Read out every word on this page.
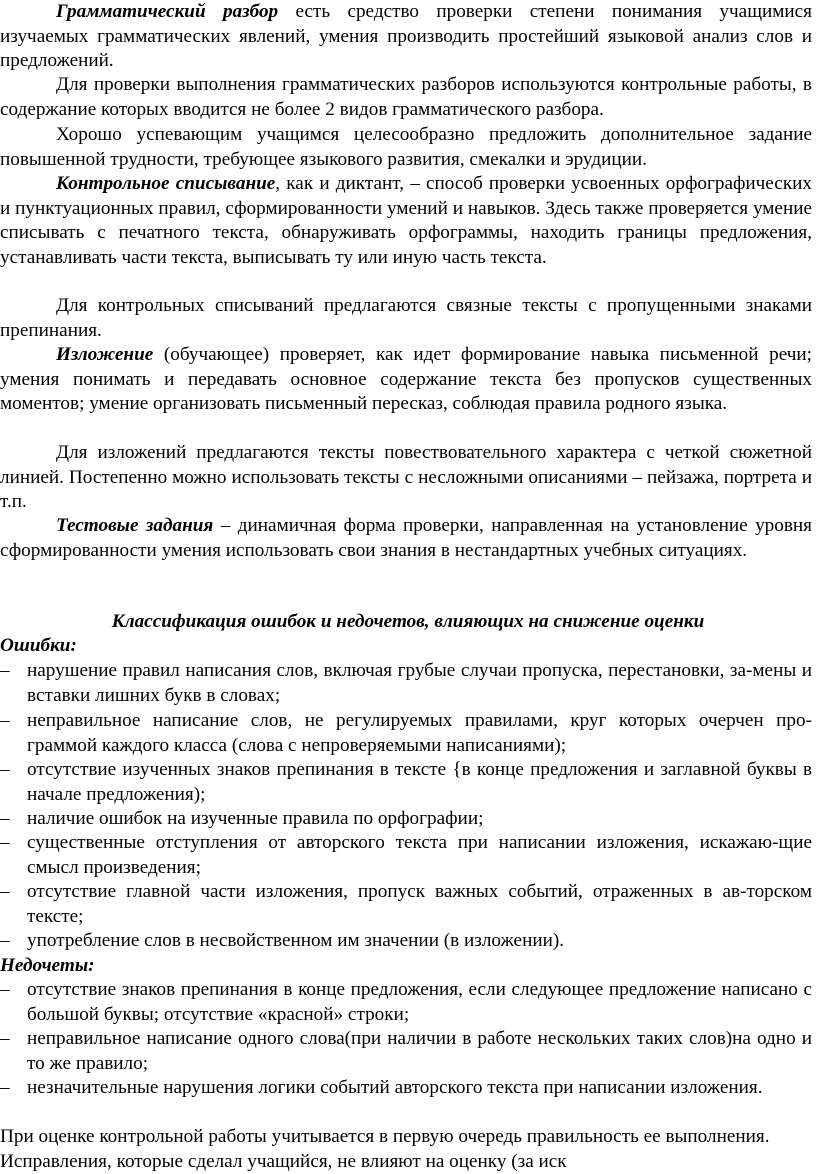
Грамматический разбор есть средство проверки степени понимания учащимися изучаемых грамматических явлений, умения производить простейший языковой анализ слов и предложений.

Для проверки выполнения грамматических разборов используются контрольные работы, в содержание которых вводится не более 2 видов грамматического разбора.

Хорошо успевающим учащимся целесообразно предложить дополнительное задание повышенной трудности, требующее языкового развития, смекалки и эрудиции.

Контрольное списывание, как и диктант, – способ проверки усвоенных орфографических и пунктуационных правил, сформированности умений и навыков. Здесь также проверяется умение списывать с печатного текста, обнаруживать орфограммы, находить границы предложения, устанавливать части текста, выписывать ту или иную часть текста.

Для контрольных списываний предлагаются связные тексты с пропущенными знаками препинания.

Изложение (обучающее) проверяет, как идет формирование навыка письменной речи; умения понимать и передавать основное содержание текста без пропусков существенных моментов; умение организовать письменный пересказ, соблюдая правила родного языка.

Для изложений предлагаются тексты повествовательного характера с четкой сюжетной линией. Постепенно можно использовать тексты с несложными описаниями – пейзажа, портрета и т.п.

Тестовые задания – динамичная форма проверки, направленная на установление уровня сформированности умения использовать свои знания в нестандартных учебных ситуациях.

Классификация ошибок и недочетов, влияющих на снижение оценки
Ошибки:
– нарушение правил написания слов, включая грубые случаи пропуска, перестановки, за-мены и вставки лишних букв в словах;
– неправильное написание слов, не регулируемых правилами, круг которых очерчен про-граммой каждого класса (слова с непроверяемыми написаниями);
– отсутствие изученных знаков препинания в тексте {в конце предложения и заглавной буквы в начале предложения);
– наличие ошибок на изученные правила по орфографии;
– существенные отступления от авторского текста при написании изложения, искажаю-щие смысл произведения;
– отсутствие главной части изложения, пропуск важных событий, отраженных в ав-торском тексте;
– употребление слов в несвойственном им значении (в изложении).
Недочеты:
– отсутствие знаков препинания в конце предложения, если следующее предложение написано с большой буквы; отсутствие «красной» строки;
– неправильное написание одного слова(при наличии в работе нескольких таких слов)на одно и то же правило;
– незначительные нарушения логики событий авторского текста при написании изложения.

При оценке контрольной работы учитывается в первую очередь правильность ее выполнения. Исправления, которые сделал учащийся, не влияют на оценку (за иск
